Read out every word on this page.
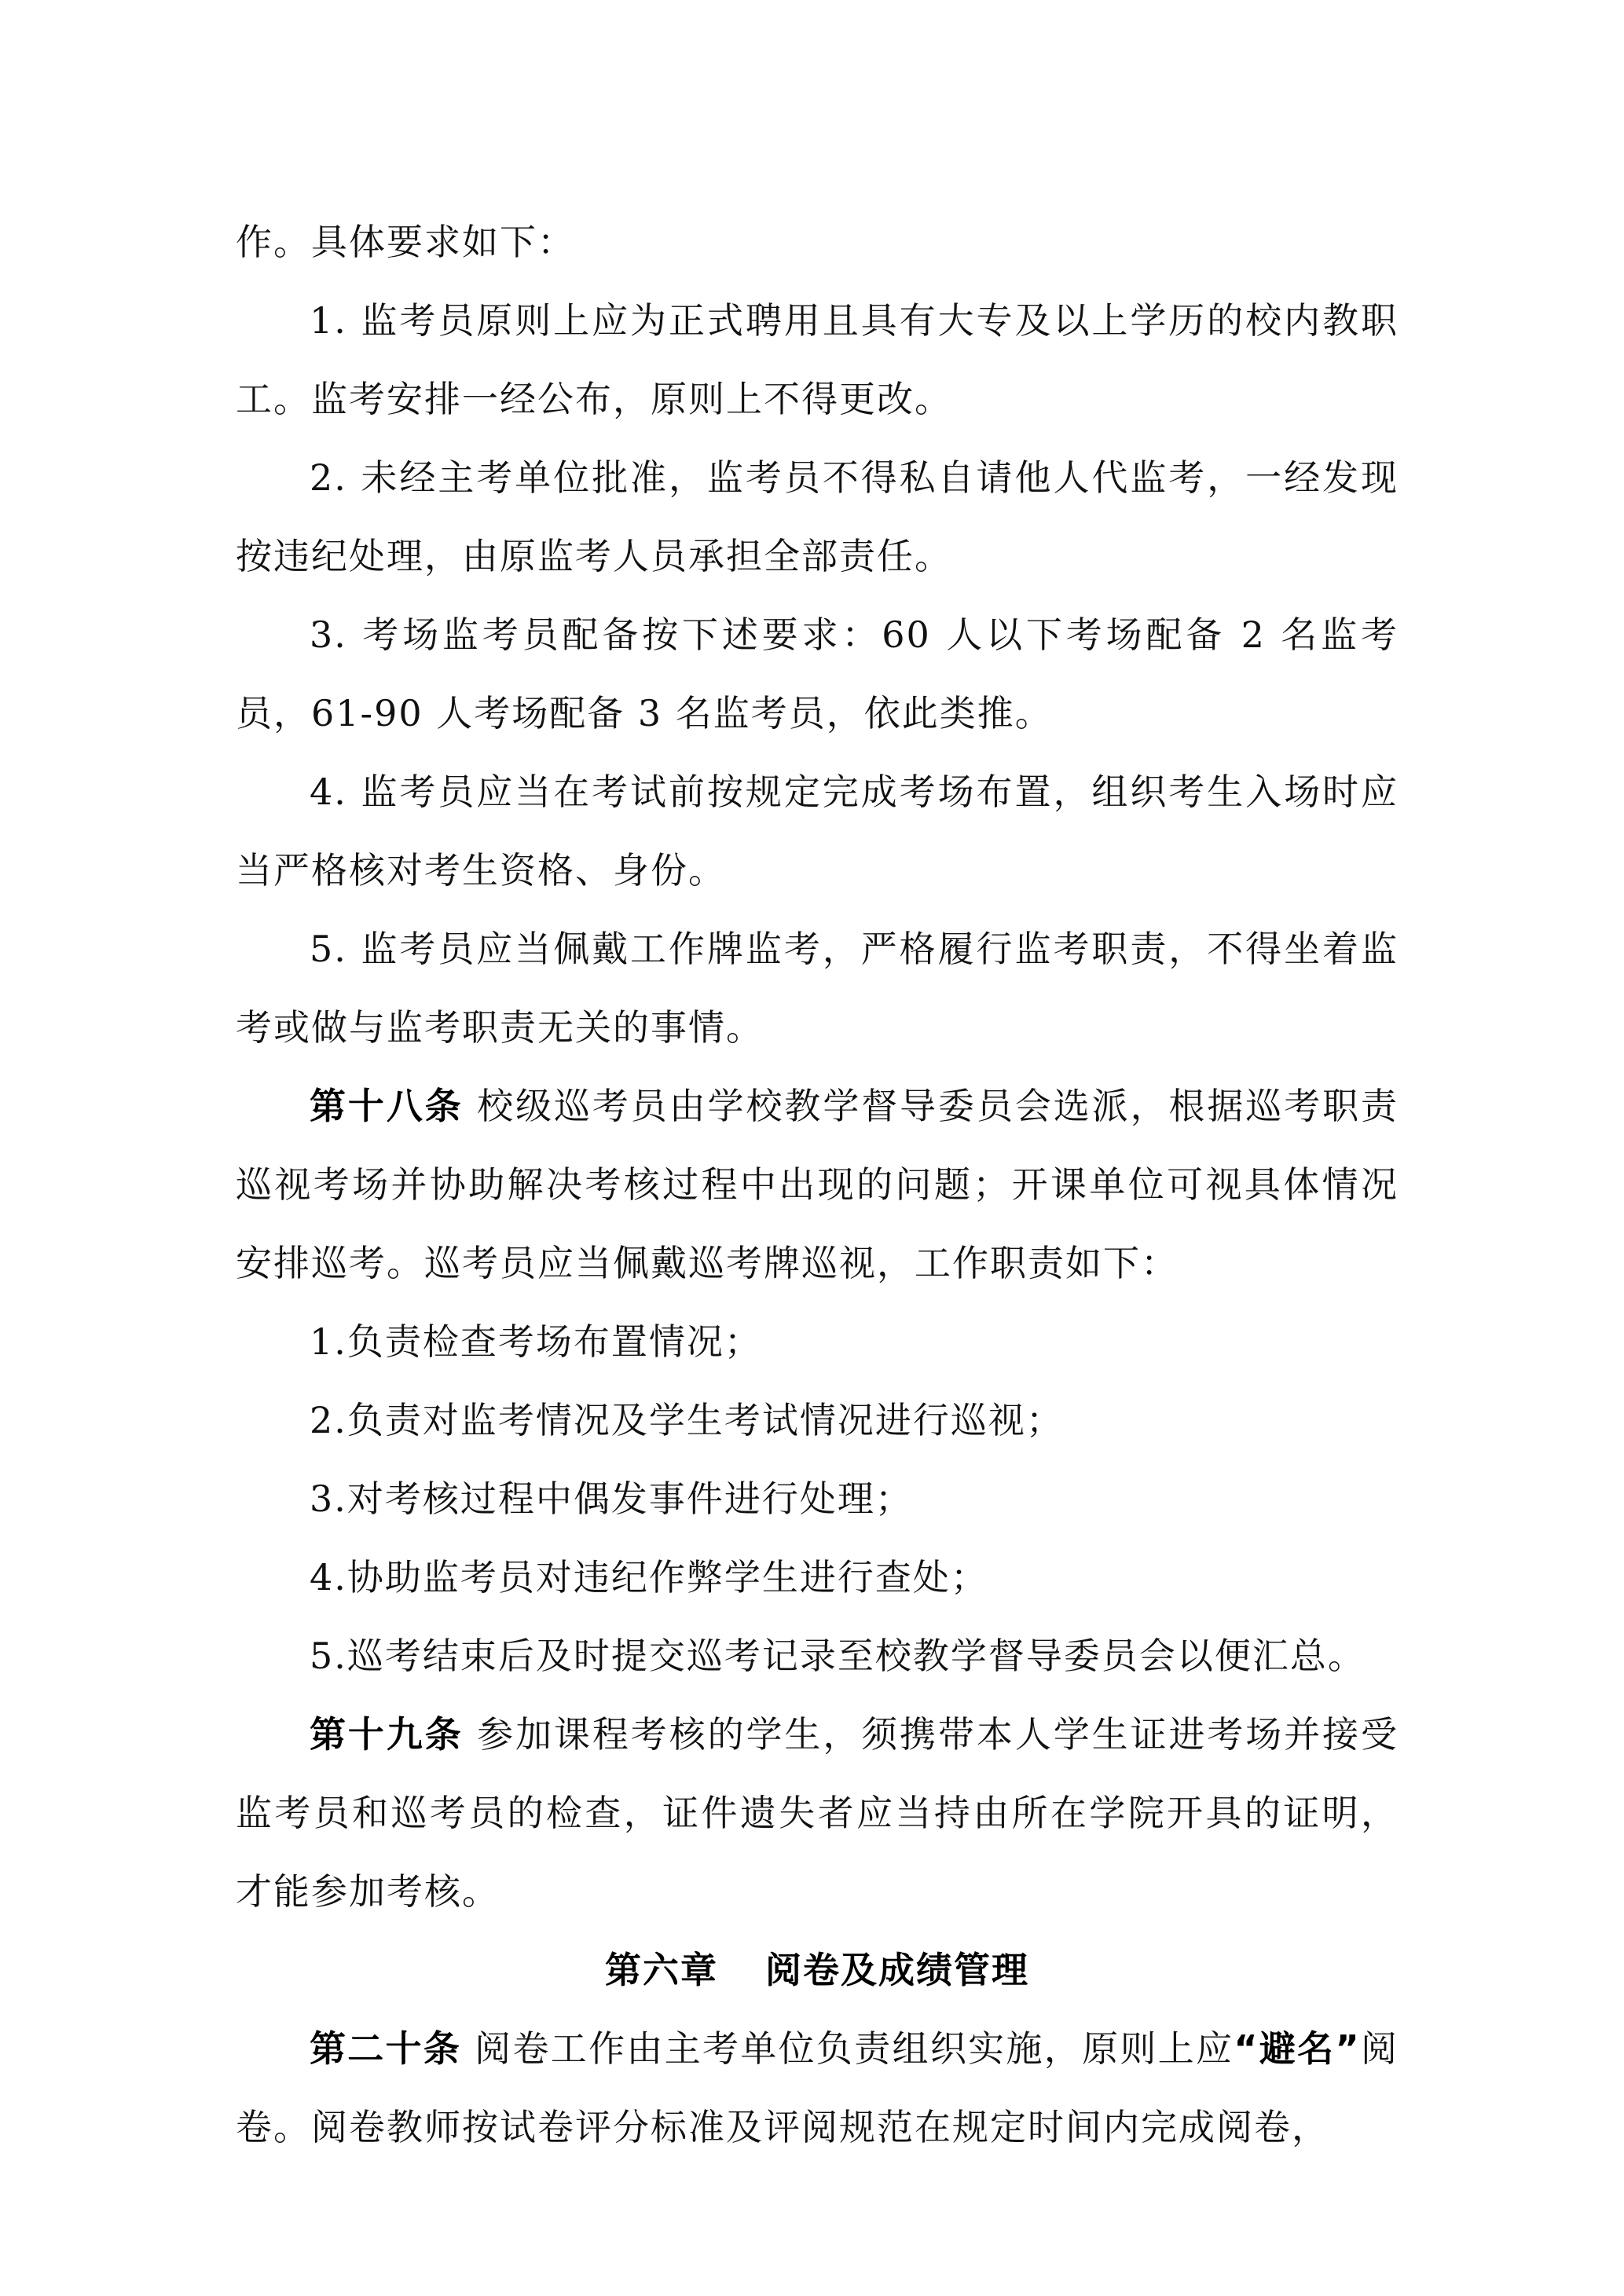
作。具体要求如下：

1. 监考员原则上应为正式聘用且具有大专及以上学历的校内教职工。监考安排一经公布，原则上不得更改。

2. 未经主考单位批准，监考员不得私自请他人代监考，一经发现按违纪处理，由原监考人员承担全部责任。

3. 考场监考员配备按下述要求：60 人以下考场配备 2 名监考员，61-90 人考场配备 3 名监考员，依此类推。

4. 监考员应当在考试前按规定完成考场布置，组织考生入场时应当严格核对考生资格、身份。

5. 监考员应当佩戴工作牌监考，严格履行监考职责，不得坐着监考或做与监考职责无关的事情。

第十八条 校级巡考员由学校教学督导委员会选派，根据巡考职责巡视考场并协助解决考核过程中出现的问题；开课单位可视具体情况安排巡考。巡考员应当佩戴巡考牌巡视，工作职责如下：

1.负责检查考场布置情况；

2.负责对监考情况及学生考试情况进行巡视；

3.对考核过程中偶发事件进行处理；

4.协助监考员对违纪作弊学生进行查处；

5.巡考结束后及时提交巡考记录至校教学督导委员会以便汇总。

第十九条 参加课程考核的学生，须携带本人学生证进考场并接受监考员和巡考员的检查，证件遗失者应当持由所在学院开具的证明，才能参加考核。

第六章 阅卷及成绩管理

第二十条 阅卷工作由主考单位负责组织实施，原则上应“避名”阅卷。阅卷教师按试卷评分标准及评阅规范在规定时间内完成阅卷，
